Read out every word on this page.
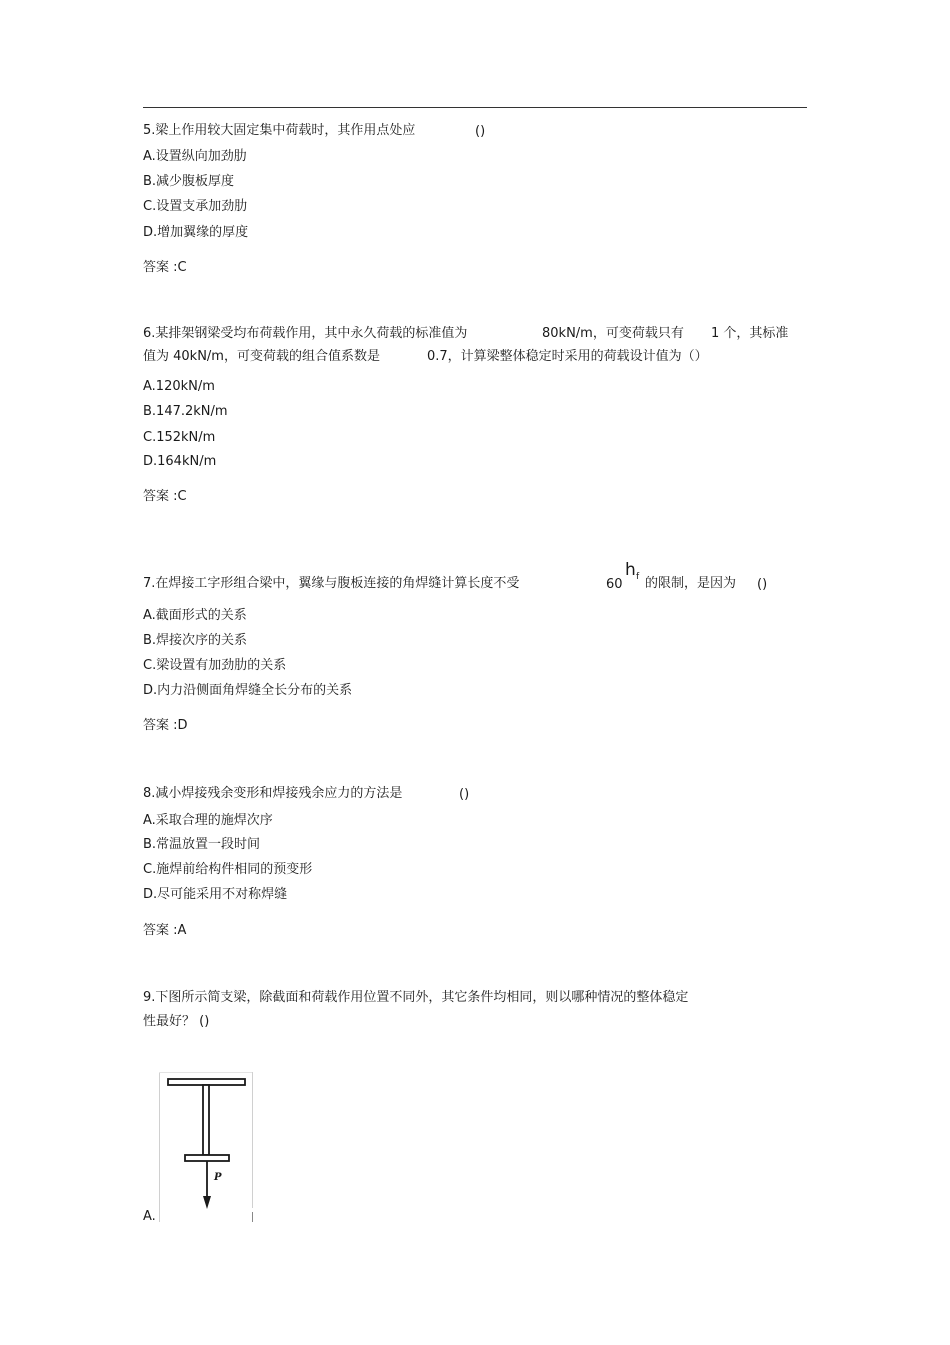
5.梁上作用较大固定集中荷载时，其作用点处应	()
A.设置纵向加劲肋
B.减少腹板厚度
C.设置支承加劲肋
D.增加翼缘的厚度
答案 :C
6.某排架钢梁受均布荷载作用，其中永久荷载的标准值为	80kN/m，可变荷载只有 1 个，其标准
值为 40kN/m，可变荷载的组合值系数是	0.7，计算梁整体稳定时采用的荷载设计值为（）
A.120kN/m
B.147.2kN/m
C.152kN/m
D.164kN/m
答案 :C
7.在焊接工字形组合梁中，翼缘与腹板连接的角焊缝计算长度不受	60
h f 的限制，是因为 ()
A.截面形式的关系
B.焊接次序的关系
C.梁设置有加劲肋的关系
D.内力沿侧面角焊缝全长分布的关系
答案 :D
8.减小焊接残余变形和焊接残余应力的方法是	()
A.采取合理的施焊次序
B.常温放置一段时间
C.施焊前给构件相同的预变形
D.尽可能采用不对称焊缝
答案 :A
9.下图所示简支梁，除截面和荷载作用位置不同外，其它条件均相同，则以哪种情况的整体稳定
性最好？ ()
A.
P
